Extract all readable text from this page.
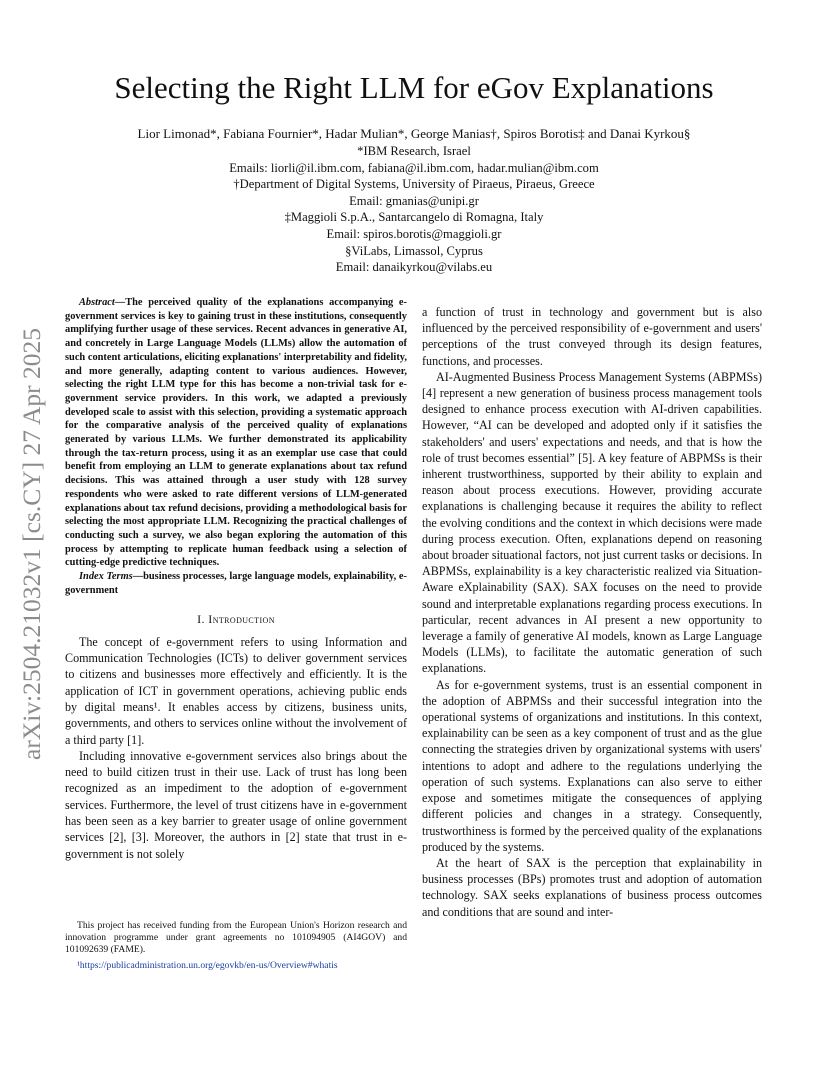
arXiv:2504.21032v1 [cs.CY] 27 Apr 2025
Selecting the Right LLM for eGov Explanations
Lior Limonad*, Fabiana Fournier*, Hadar Mulian*, George Manias†, Spiros Borotis‡ and Danai Kyrkou§
*IBM Research, Israel
Emails: liorli@il.ibm.com, fabiana@il.ibm.com, hadar.mulian@ibm.com
†Department of Digital Systems, University of Piraeus, Piraeus, Greece
Email: gmanias@unipi.gr
‡Maggioli S.p.A., Santarcangelo di Romagna, Italy
Email: spiros.borotis@maggioli.gr
§ViLabs, Limassol, Cyprus
Email: danaikyrkou@vilabs.eu

Abstract—The perceived quality of the explanations accompanying e-government services is key to gaining trust in these institutions, consequently amplifying further usage of these services. Recent advances in generative AI, and concretely in Large Language Models (LLMs) allow the automation of such content articulations, eliciting explanations' interpretability and fidelity, and more generally, adapting content to various audiences. However, selecting the right LLM type for this has become a non-trivial task for e-government service providers. In this work, we adapted a previously developed scale to assist with this selection, providing a systematic approach for the comparative analysis of the perceived quality of explanations generated by various LLMs. We further demonstrated its applicability through the tax-return process, using it as an exemplar use case that could benefit from employing an LLM to generate explanations about tax refund decisions. This was attained through a user study with 128 survey respondents who were asked to rate different versions of LLM-generated explanations about tax refund decisions, providing a methodological basis for selecting the most appropriate LLM. Recognizing the practical challenges of conducting such a survey, we also began exploring the automation of this process by attempting to replicate human feedback using a selection of cutting-edge predictive techniques.

Index Terms—business processes, large language models, explainability, e-government

I. Introduction

The concept of e-government refers to using Information and Communication Technologies (ICTs) to deliver government services to citizens and businesses more effectively and efficiently. It is the application of ICT in government operations, achieving public ends by digital means¹. It enables access by citizens, business units, governments, and others to services online without the involvement of a third party [1].

Including innovative e-government services also brings about the need to build citizen trust in their use. Lack of trust has long been recognized as an impediment to the adoption of e-government services. Furthermore, the level of trust citizens have in e-government has been seen as a key barrier to greater usage of online government services [2], [3]. Moreover, the authors in [2] state that trust in e-government is not solely

This project has received funding from the European Union's Horizon research and innovation programme under grant agreements no 101094905 (AI4GOV) and 101092639 (FAME).
¹https://publicadministration.un.org/egovkb/en-us/Overview#whatis

a function of trust in technology and government but is also influenced by the perceived responsibility of e-government and users' perceptions of the trust conveyed through its design features, functions, and processes.

AI-Augmented Business Process Management Systems (ABPMSs) [4] represent a new generation of business process management tools designed to enhance process execution with AI-driven capabilities. However, “AI can be developed and adopted only if it satisfies the stakeholders' and users' expectations and needs, and that is how the role of trust becomes essential” [5]. A key feature of ABPMSs is their inherent trustworthiness, supported by their ability to explain and reason about process executions. However, providing accurate explanations is challenging because it requires the ability to reflect the evolving conditions and the context in which decisions were made during process execution. Often, explanations depend on reasoning about broader situational factors, not just current tasks or decisions. In ABPMSs, explainability is a key characteristic realized via Situation-Aware eXplainability (SAX). SAX focuses on the need to provide sound and interpretable explanations regarding process executions. In particular, recent advances in AI present a new opportunity to leverage a family of generative AI models, known as Large Language Models (LLMs), to facilitate the automatic generation of such explanations.

As for e-government systems, trust is an essential component in the adoption of ABPMSs and their successful integration into the operational systems of organizations and institutions. In this context, explainability can be seen as a key component of trust and as the glue connecting the strategies driven by organizational systems with users' intentions to adopt and adhere to the regulations underlying the operation of such systems. Explanations can also serve to either expose and sometimes mitigate the consequences of applying different policies and changes in a strategy. Consequently, trustworthiness is formed by the perceived quality of the explanations produced by the systems.

At the heart of SAX is the perception that explainability in business processes (BPs) promotes trust and adoption of automation technology. SAX seeks explanations of business process outcomes and conditions that are sound and inter-
